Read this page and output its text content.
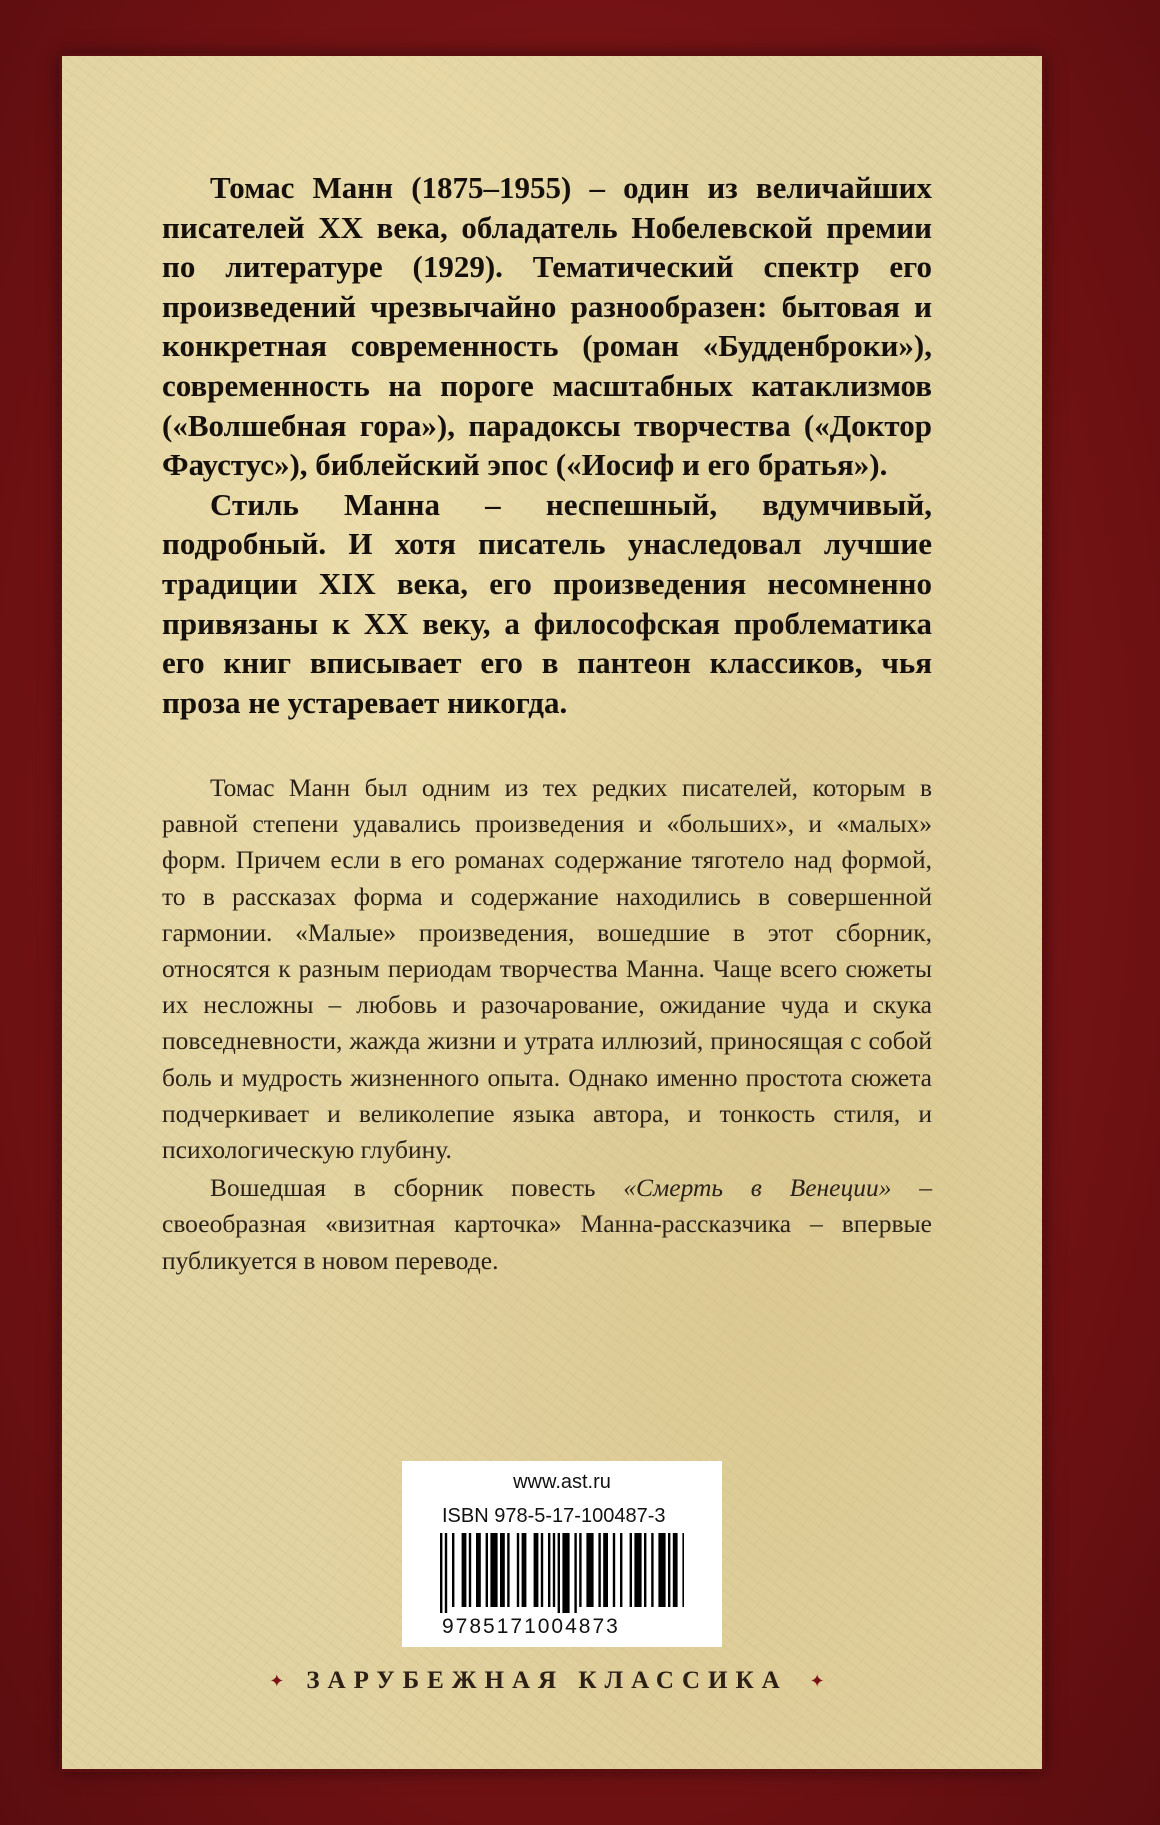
Томас Манн (1875–1955) – один из величайших писателей XX века, обладатель Нобелевской премии по литературе (1929). Тематический спектр его произведений чрезвычайно разнообразен: бытовая и конкретная современность (роман «Будденброки»), современность на пороге масштабных катаклизмов («Волшебная гора»), парадоксы творчества («Доктор Фаустус»), библейский эпос («Иосиф и его братья»).

Стиль Манна – неспешный, вдумчивый, подробный. И хотя писатель унаследовал лучшие традиции XIX века, его произведения несомненно привязаны к XX веку, а философская проблематика его книг вписывает его в пантеон классиков, чья проза не устаревает никогда.

Томас Манн был одним из тех редких писателей, которым в равной степени удавались произведения и «больших», и «малых» форм. Причем если в его романах содержание тяготело над формой, то в рассказах форма и содержание находились в совершенной гармонии. «Малые» произведения, вошедшие в этот сборник, относятся к разным периодам творчества Манна. Чаще всего сюжеты их несложны – любовь и разочарование, ожидание чуда и скука повседневности, жажда жизни и утрата иллюзий, приносящая с собой боль и мудрость жизненного опыта. Однако именно простота сюжета подчеркивает и великолепие языка автора, и тонкость стиля, и психологическую глубину.

Вошедшая в сборник повесть «Смерть в Венеции» – своеобразная «визитная карточка» Манна-рассказчика – впервые публикуется в новом переводе.

www.ast.ru
ISBN 978-5-17-100487-3
9785171004873
✦ ЗАРУБЕЖНАЯ КЛАССИКА ✦
